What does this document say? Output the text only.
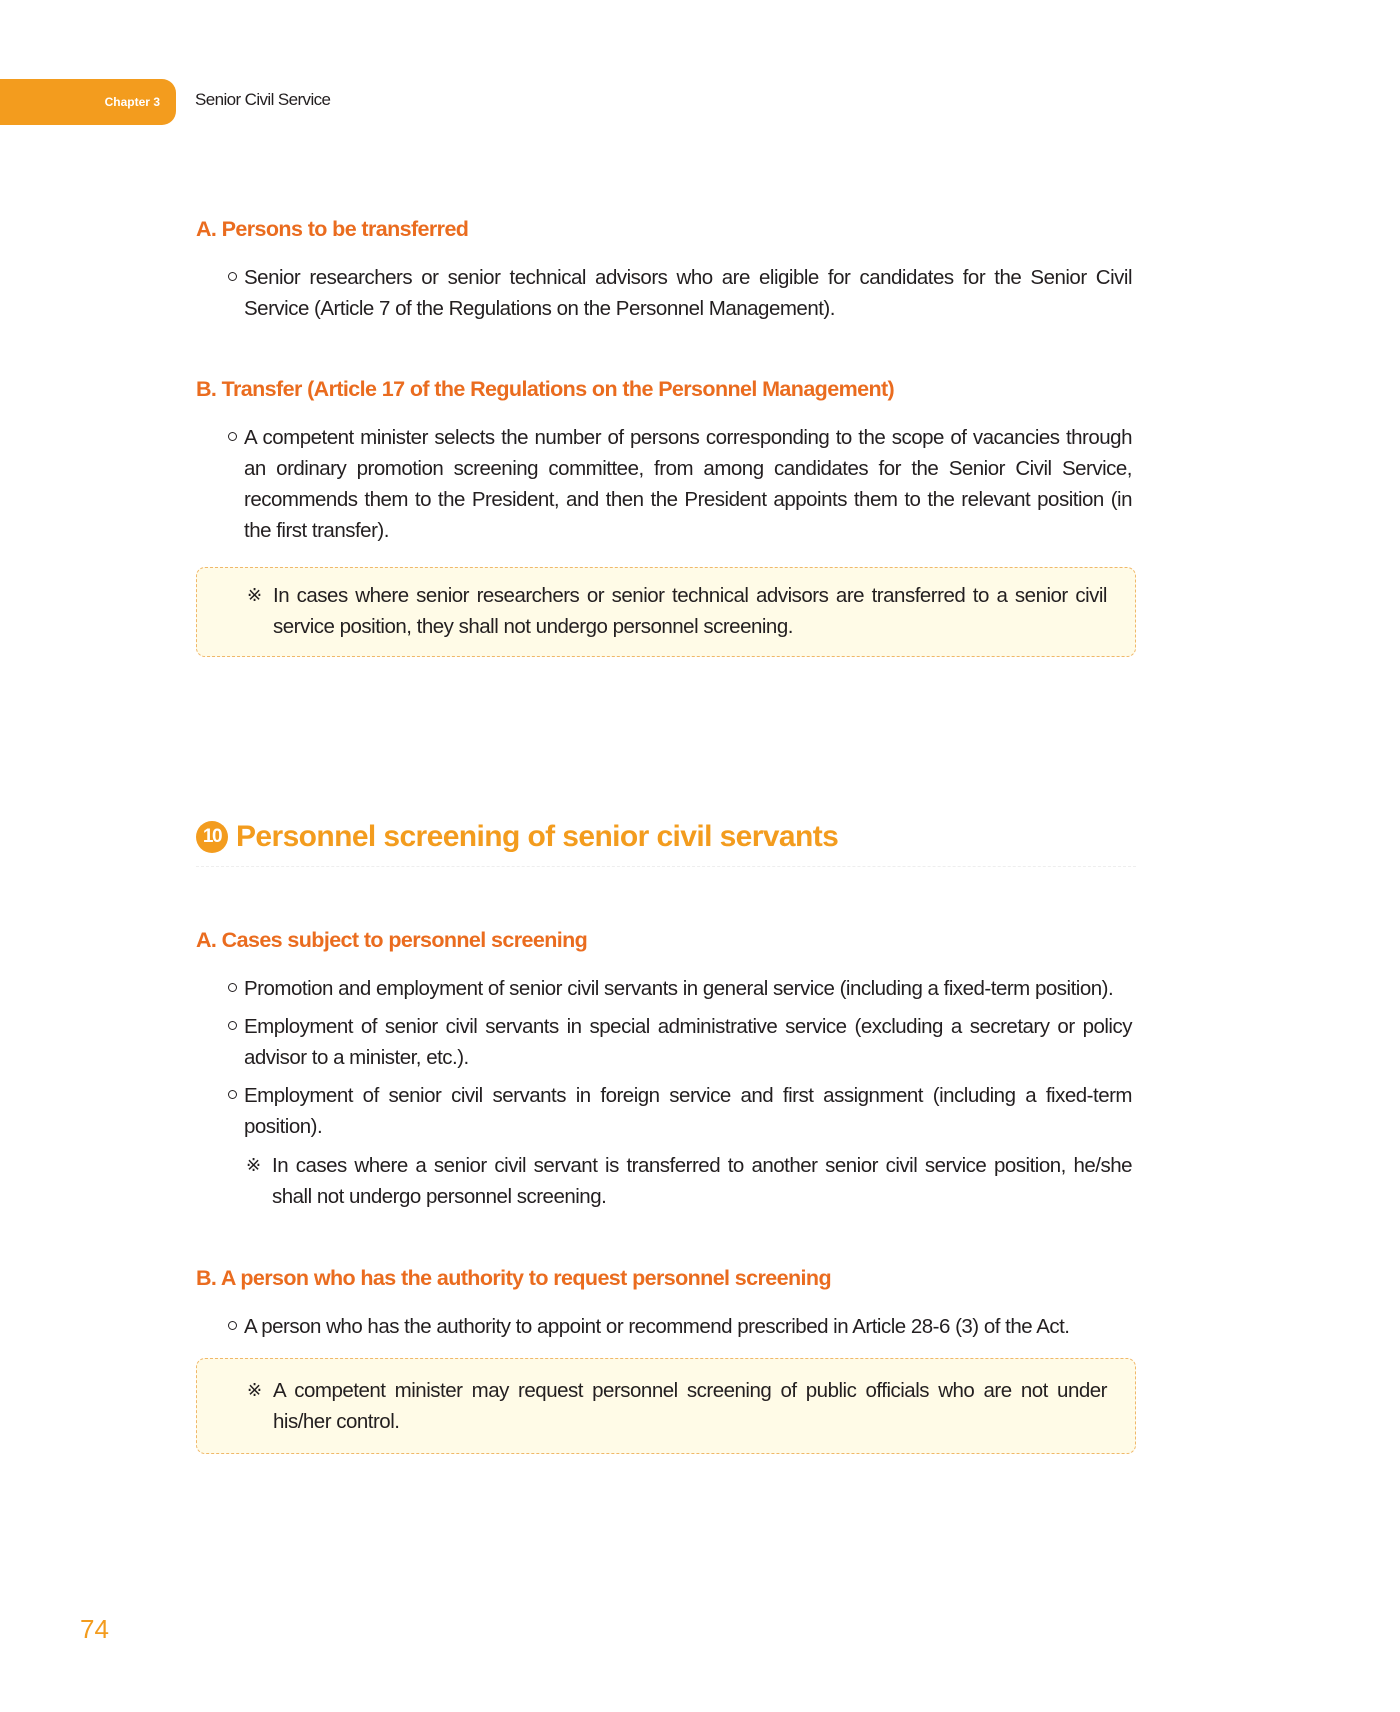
Chapter 3 Senior Civil Service
A. Persons to be transferred
Senior researchers or senior technical advisors who are eligible for candidates for the Senior Civil Service (Article 7 of the Regulations on the Personnel Management).
B. Transfer (Article 17 of the Regulations on the Personnel Management)
A competent minister selects the number of persons corresponding to the scope of vacancies through an ordinary promotion screening committee, from among candidates for the Senior Civil Service, recommends them to the President, and then the President appoints them to the relevant position (in the first transfer).
※ In cases where senior researchers or senior technical advisors are transferred to a senior civil service position, they shall not undergo personnel screening.
10 Personnel screening of senior civil servants
A. Cases subject to personnel screening
Promotion and employment of senior civil servants in general service (including a fixed-term position).
Employment of senior civil servants in special administrative service (excluding a secretary or policy advisor to a minister, etc.).
Employment of senior civil servants in foreign service and first assignment (including a fixed-term position).
※ In cases where a senior civil servant is transferred to another senior civil service position, he/she shall not undergo personnel screening.
B. A person who has the authority to request personnel screening
A person who has the authority to appoint or recommend prescribed in Article 28-6 (3) of the Act.
※ A competent minister may request personnel screening of public officials who are not under his/her control.
74
